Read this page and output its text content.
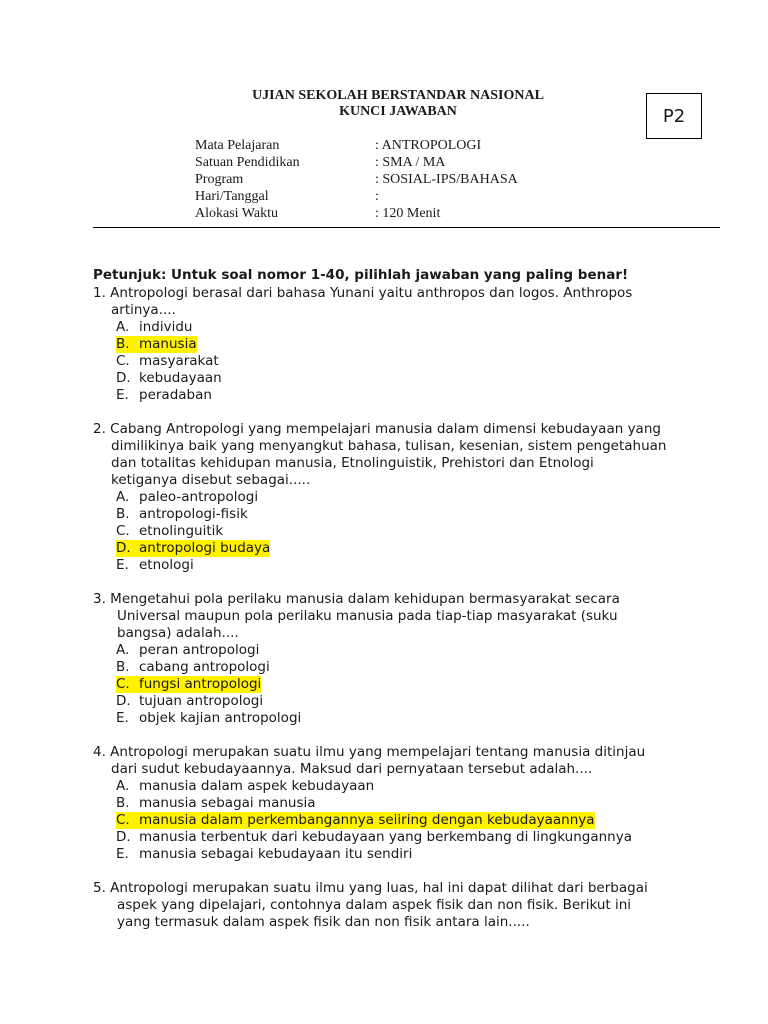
UJIAN SEKOLAH BERSTANDAR NASIONAL
KUNCI JAWABAN	P2
Mata Pelajaran	: ANTROPOLOGI
Satuan Pendidikan	: SMA / MA
Program	: SOSIAL-IPS/BAHASA
Hari/Tanggal	:
Alokasi Waktu	: 120 Menit
Petunjuk: Untuk soal nomor 1-40, pilihlah jawaban yang paling benar!
1. Antropologi berasal dari bahasa Yunani yaitu anthropos dan logos. Anthropos
artinya....
A. individu
B. manusia
C. masyarakat
D. kebudayaan
E. peradaban
2. Cabang Antropologi yang mempelajari manusia dalam dimensi kebudayaan yang
dimilikinya baik yang menyangkut bahasa, tulisan, kesenian, sistem pengetahuan
dan totalitas kehidupan manusia, Etnolinguistik, Prehistori dan Etnologi
ketiganya disebut sebagai.....
A. paleo-antropologi
B. antropologi-fisik
C. etnolinguitik
D. antropologi budaya
E. etnologi
3. Mengetahui pola perilaku manusia dalam kehidupan bermasyarakat secara
Universal maupun pola perilaku manusia pada tiap-tiap masyarakat (suku
bangsa) adalah....
A. peran antropologi
B. cabang antropologi
C. fungsi antropologi
D. tujuan antropologi
E. objek kajian antropologi
4. Antropologi merupakan suatu ilmu yang mempelajari tentang manusia ditinjau
dari sudut kebudayaannya. Maksud dari pernyataan tersebut adalah....
A. manusia dalam aspek kebudayaan
B. manusia sebagai manusia
C. manusia dalam perkembangannya seiiring dengan kebudayaannya
D. manusia terbentuk dari kebudayaan yang berkembang di lingkungannya
E. manusia sebagai kebudayaan itu sendiri
5. Antropologi merupakan suatu ilmu yang luas, hal ini dapat dilihat dari berbagai
aspek yang dipelajari, contohnya dalam aspek fisik dan non fisik. Berikut ini
yang termasuk dalam aspek fisik dan non fisik antara lain.....
